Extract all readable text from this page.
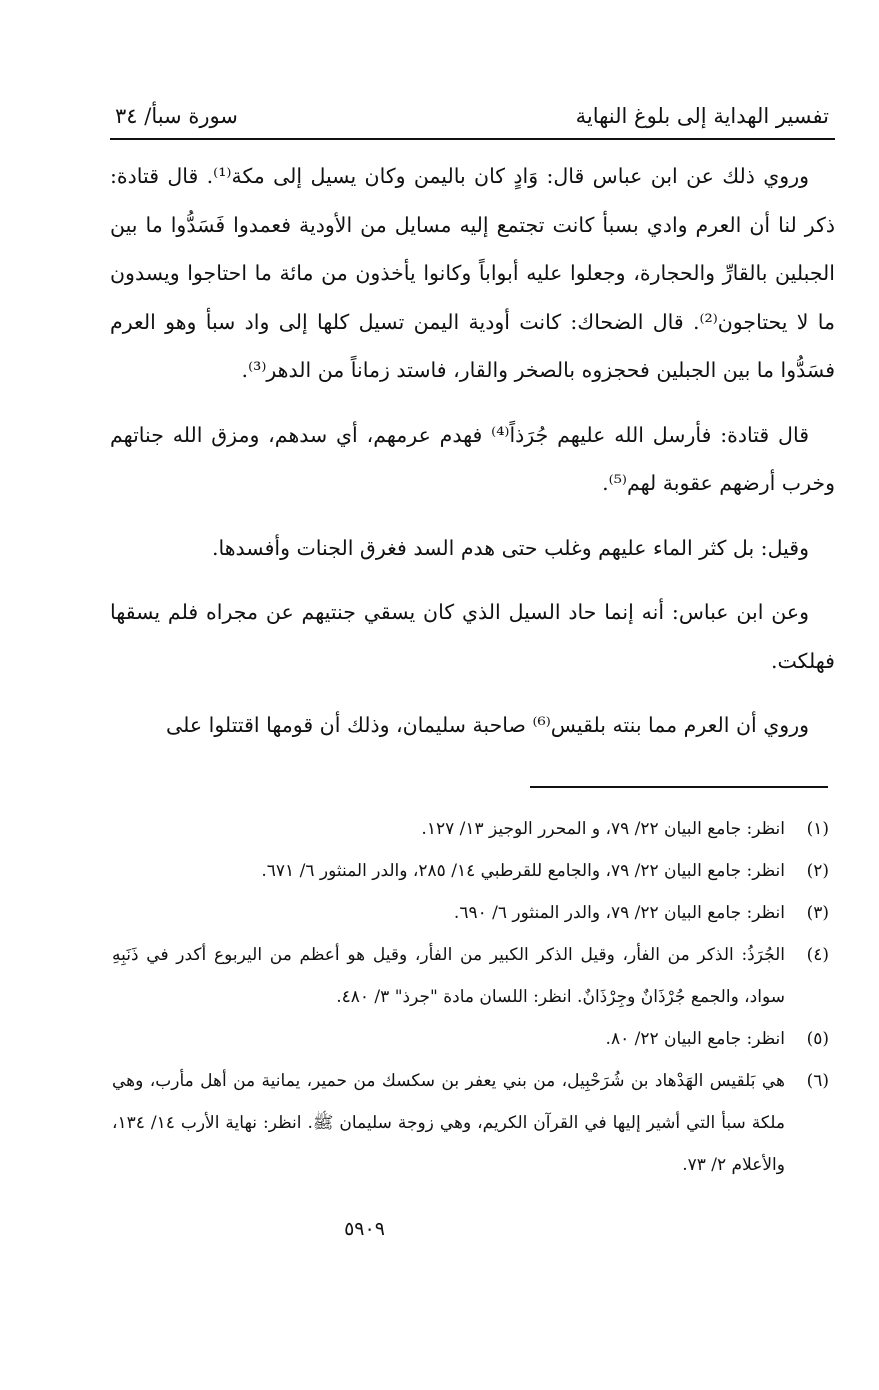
تفسير الهداية إلى بلوغ النهاية
سورة سبأ/ ٣٤

وروي ذلك عن ابن عباس قال: وَادٍ كان باليمن وكان يسيل إلى مكة⁽¹⁾. قال قتادة: ذكر لنا أن العرم وادي بسبأ كانت تجتمع إليه مسايل من الأودية فعمدوا فَسَدُّوا ما بين الجبلين بالقارِّ والحجارة، وجعلوا عليه أبواباً وكانوا يأخذون من مائة ما احتاجوا ويسدون ما لا يحتاجون⁽²⁾. قال الضحاك: كانت أودية اليمن تسيل كلها إلى واد سبأ وهو العرم فسَدُّوا ما بين الجبلين فحجزوه بالصخر والقار، فاستد زماناً من الدهر⁽³⁾.

قال قتادة: فأرسل الله عليهم جُرَذاً⁽⁴⁾ فهدم عرمهم، أي سدهم، ومزق الله جناتهم وخرب أرضهم عقوبة لهم⁽⁵⁾.

وقيل: بل كثر الماء عليهم وغلب حتى هدم السد فغرق الجنات وأفسدها.

وعن ابن عباس: أنه إنما حاد السيل الذي كان يسقي جنتيهم عن مجراه فلم يسقها فهلكت.

وروي أن العرم مما بنته بلقيس⁽⁶⁾ صاحبة سليمان، وذلك أن قومها اقتتلوا على

(١)
انظر: جامع البيان ٢٢/ ٧٩، و المحرر الوجيز ١٣/ ١٢٧.
(٢)
انظر: جامع البيان ٢٢/ ٧٩، والجامع للقرطبي ١٤/ ٢٨٥، والدر المنثور ٦/ ٦٧١.
(٣)
انظر: جامع البيان ٢٢/ ٧٩، والدر المنثور ٦/ ٦٩٠.
(٤)
الجُرَذُ: الذكر من الفأر، وقيل الذكر الكبير من الفأر، وقيل هو أعظم من اليربوع أكدر في ذَنَبِهِ سواد، والجمع جُرْذَانٌ وجِرْذَانٌ. انظر: اللسان مادة "جرذ" ٣/ ٤٨٠.
(٥)
انظر: جامع البيان ٢٢/ ٨٠.
(٦)
هي بَلقيس الهَدْهاد بن شُرَحْبِيل، من بني يعفر بن سكسك من حمير، يمانية من أهل مأرب، وهي ملكة سبأ التي أشير إليها في القرآن الكريم، وهي زوجة سليمان ﷺ. انظر: نهاية الأرب ١٤/ ١٣٤، والأعلام ٢/ ٧٣.
٥٩٠٩
